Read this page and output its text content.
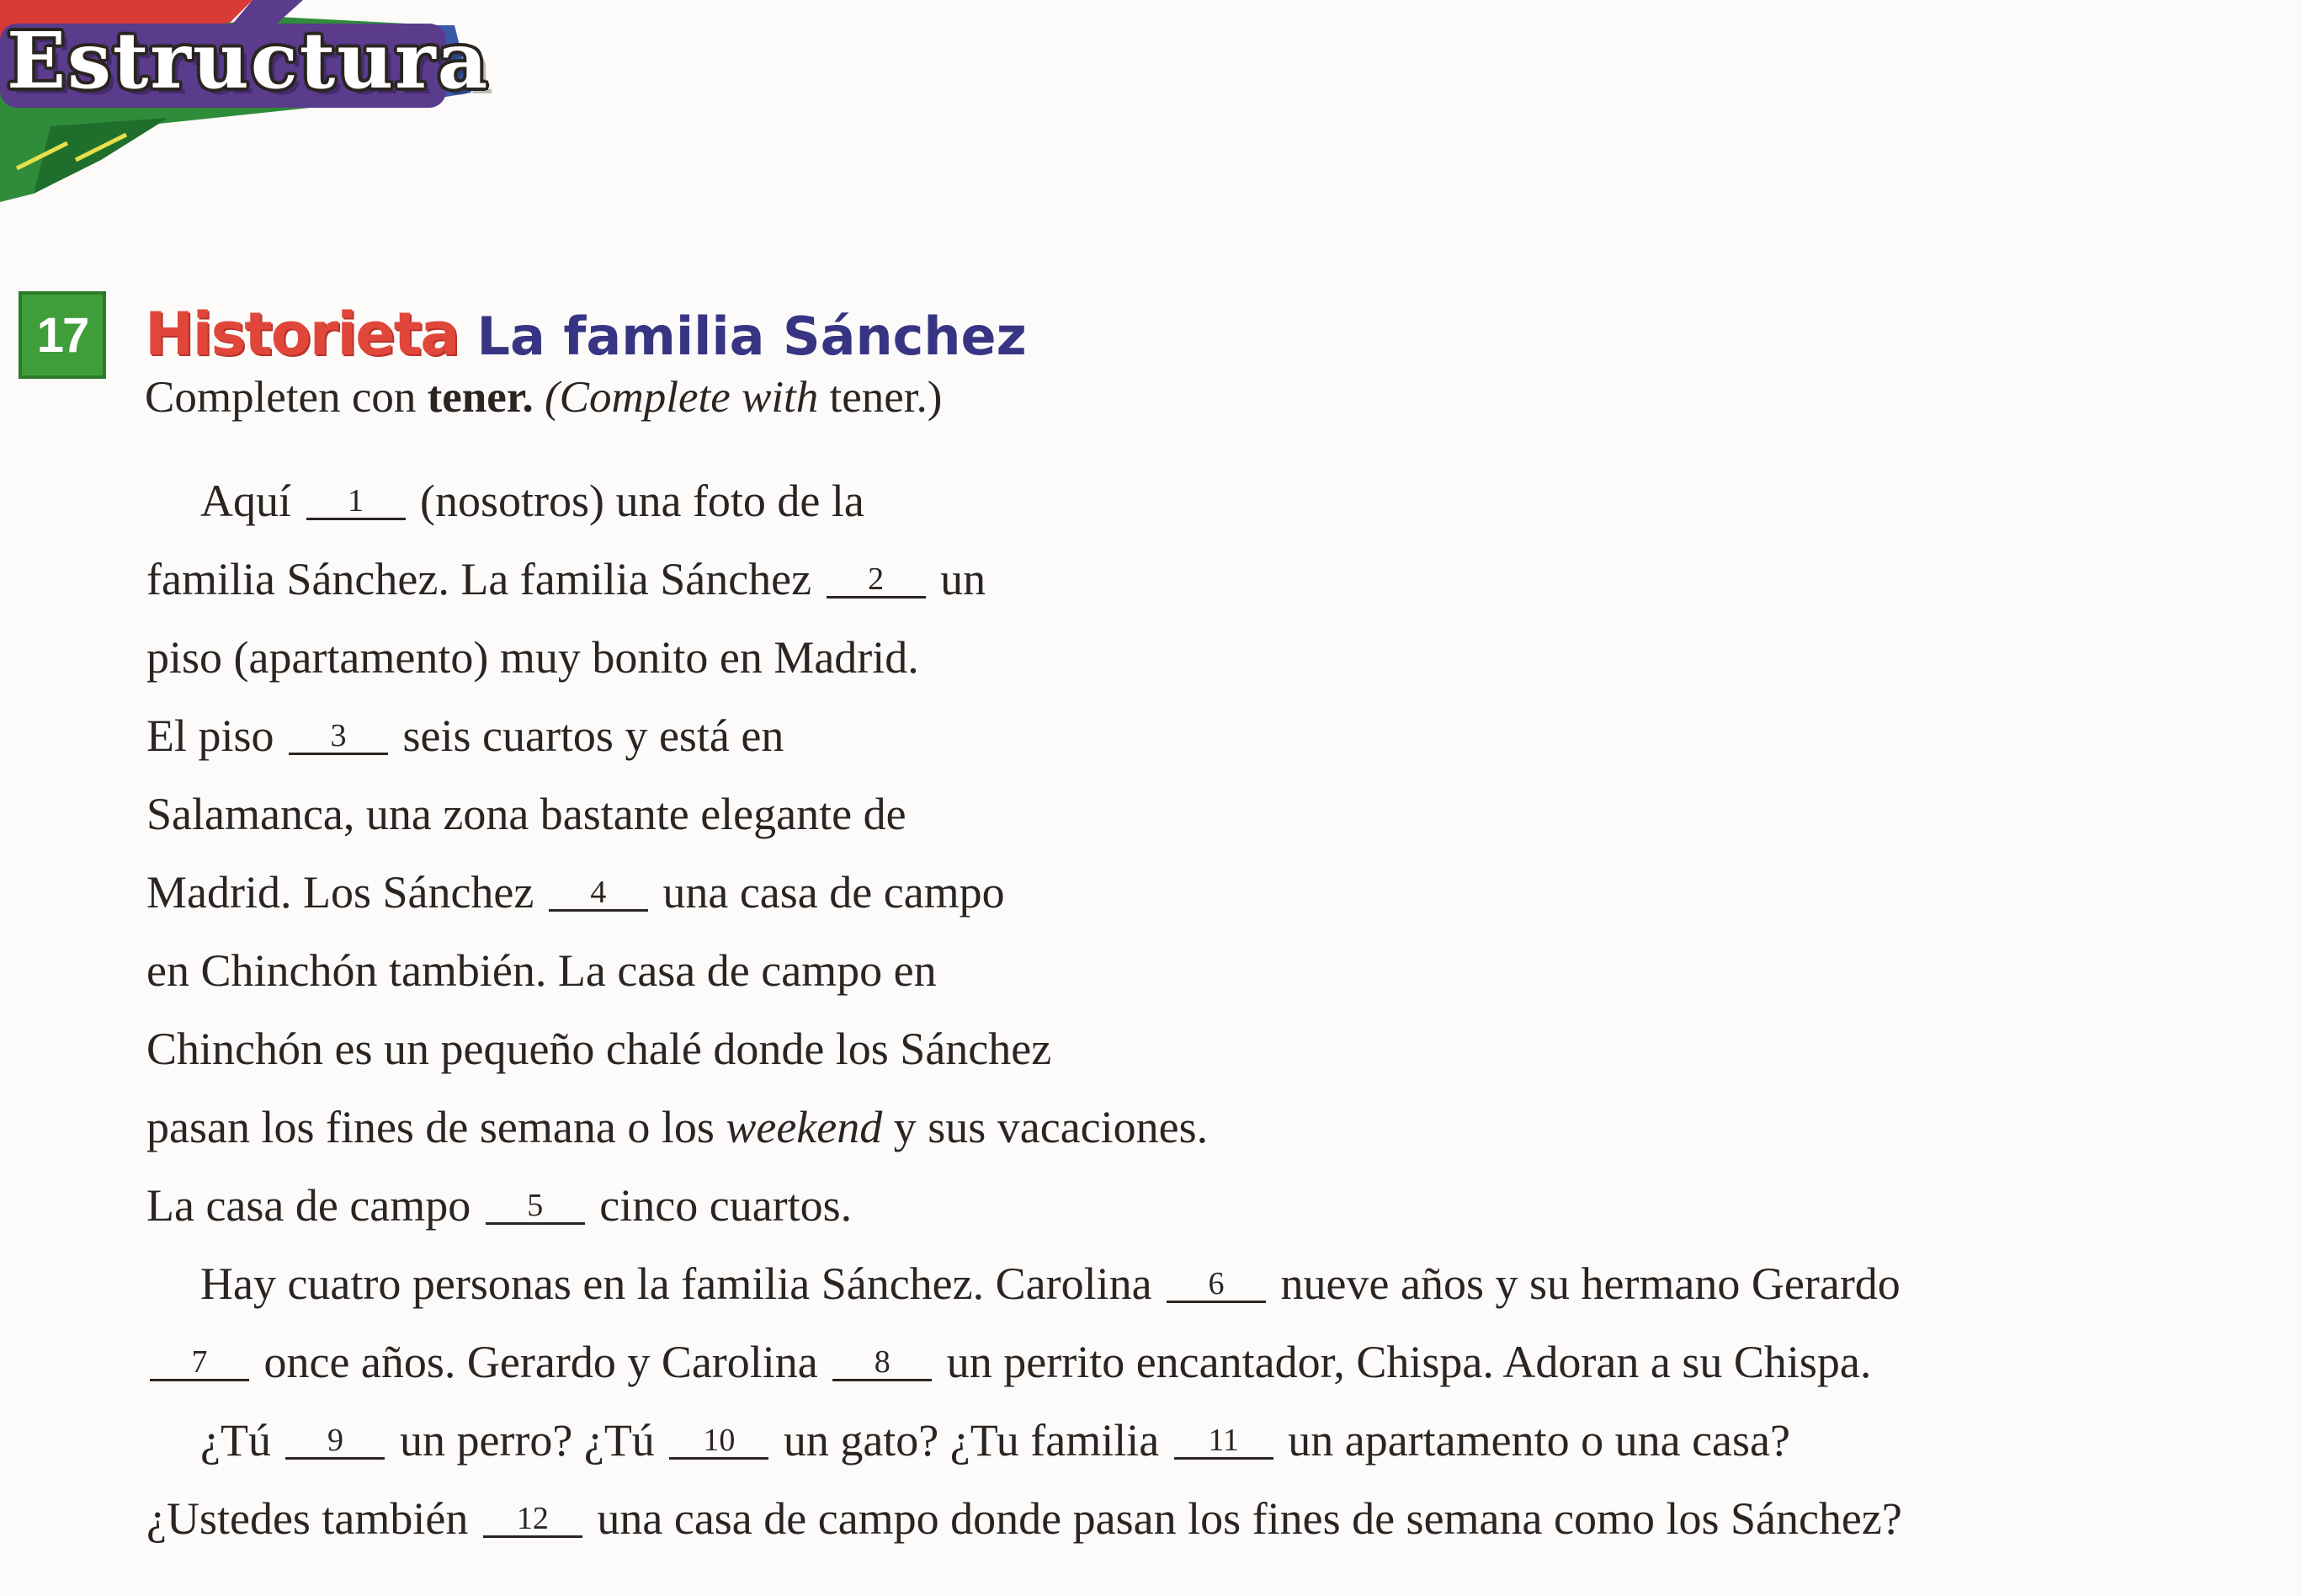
Estructura
17 Historieta La familia Sánchez
Completen con tener. (Complete with tener.)
Aquí 1 (nosotros) una foto de la
familia Sánchez. La familia Sánchez 2 un
piso (apartamento) muy bonito en Madrid.
El piso 3 seis cuartos y está en
Salamanca, una zona bastante elegante de
Madrid. Los Sánchez 4 una casa de campo
en Chinchón también. La casa de campo en
Chinchón es un pequeño chalé donde los Sánchez
pasan los fines de semana o los weekend y sus vacaciones.
La casa de campo 5 cinco cuartos.
Hay cuatro personas en la familia Sánchez. Carolina 6 nueve años y su hermano Gerardo
7 once años. Gerardo y Carolina 8 un perrito encantador, Chispa. Adoran a su Chispa.
¿Tú 9 un perro? ¿Tú 10 un gato? ¿Tu familia 11 un apartamento o una casa?
¿Ustedes también 12 una casa de campo donde pasan los fines de semana como los Sánchez?
